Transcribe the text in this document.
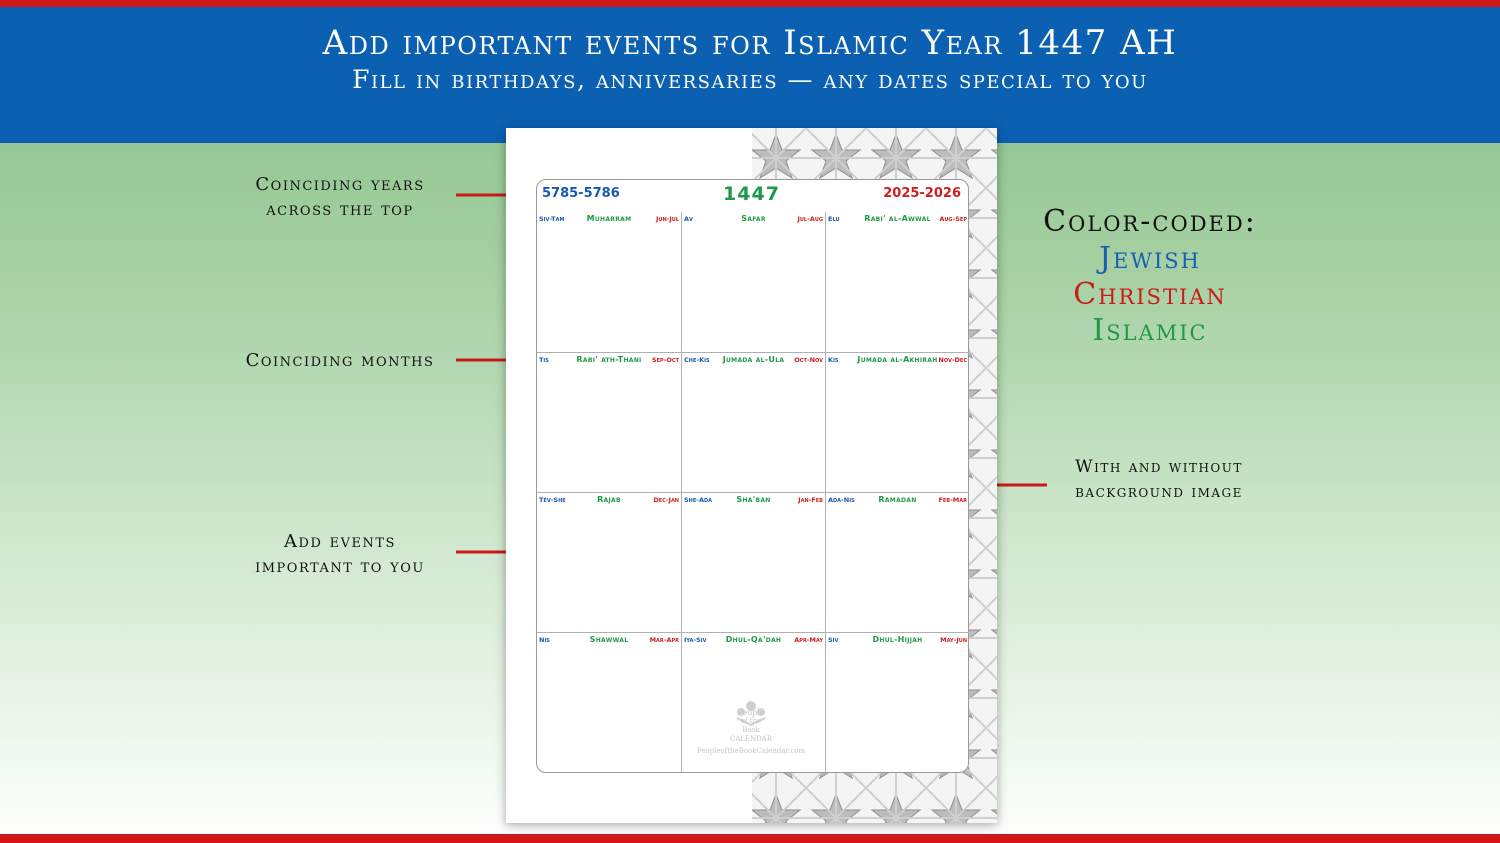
Add important events for Islamic Year 1447 AH
Fill in birthdays, anniversaries — any dates special to you
Coinciding years
across the top
Coinciding months
Add events
important to you
Color-coded:
Jewish
Christian
Islamic
With and without
background image
5785-5786	1447	2025-2026
Siv-Tam	Muharram	Jun-Jul Av	Safar	Jul-Aug Elu	Rabi' al-Awwal	Aug-Sep
Tis	Rabi' ath-Thani	Sep-Oct Che-Kis	Jumada al-Ula	Oct-Nov Kis	Jumada al-Akhirah Nov-Dec
Tev-She	Rajab	Dec-Jan She-Ada	Sha'ban	Jan-Feb Ada-Nis	Ramadan	Feb-Mar
Nis	Shawwal	Mar-Apr Iya-Siv	Dhul-Qa'dah	Apr-May Siv	Dhul-Hijjah	May-Jun
People
of the
Book
CALENDAR
PeopleoftheBookCalendar.com
